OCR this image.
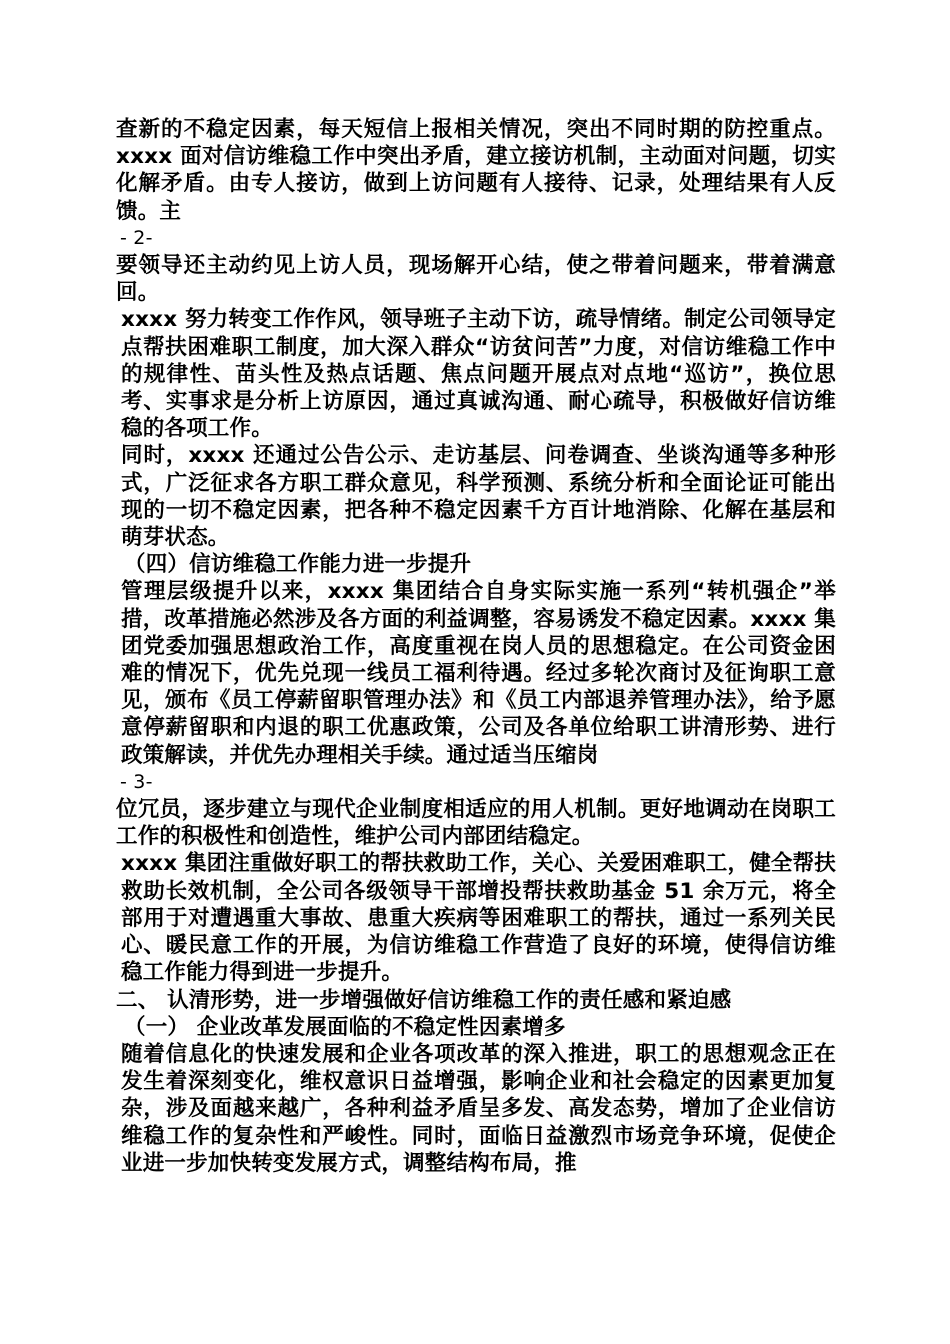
查新的不稳定因素，每天短信上报相关情况，突出不同时期的防控重点。xxxx 面对信访维稳工作中突出矛盾，建立接访机制，主动面对问题，切实化解矛盾。由专人接访，做到上访问题有人接待、记录，处理结果有人反馈。主

- 2-

要领导还主动约见上访人员，现场解开心结，使之带着问题来，带着满意回。

xxxx 努力转变工作作风，领导班子主动下访，疏导情绪。制定公司领导定点帮扶困难职工制度，加大深入群众“访贫问苦”力度，对信访维稳工作中的规律性、苗头性及热点话题、焦点问题开展点对点地“巡访”，换位思考、实事求是分析上访原因，通过真诚沟通、耐心疏导，积极做好信访维稳的各项工作。

同时，xxxx 还通过公告公示、走访基层、问卷调查、坐谈沟通等多种形式，广泛征求各方职工群众意见，科学预测、系统分析和全面论证可能出现的一切不稳定因素，把各种不稳定因素千方百计地消除、化解在基层和萌芽状态。

（四）信访维稳工作能力进一步提升

管理层级提升以来，xxxx 集团结合自身实际实施一系列“转机强企”举措，改革措施必然涉及各方面的利益调整，容易诱发不稳定因素。xxxx 集团党委加强思想政治工作，高度重视在岗人员的思想稳定。在公司资金困难的情况下，优先兑现一线员工福利待遇。经过多轮次商讨及征询职工意见，颁布《员工停薪留职管理办法》和《员工内部退养管理办法》，给予愿意停薪留职和内退的职工优惠政策，公司及各单位给职工讲清形势、进行政策解读，并优先办理相关手续。通过适当压缩岗

- 3-

位冗员，逐步建立与现代企业制度相适应的用人机制。更好地调动在岗职工工作的积极性和创造性，维护公司内部团结稳定。

xxxx 集团注重做好职工的帮扶救助工作，关心、关爱困难职工，健全帮扶救助长效机制，全公司各级领导干部增投帮扶救助基金 51 余万元，将全部用于对遭遇重大事故、患重大疾病等困难职工的帮扶，通过一系列关民心、暖民意工作的开展，为信访维稳工作营造了良好的环境，使得信访维稳工作能力得到进一步提升。

二、 认清形势，进一步增强做好信访维稳工作的责任感和紧迫感

（一） 企业改革发展面临的不稳定性因素增多

随着信息化的快速发展和企业各项改革的深入推进，职工的思想观念正在发生着深刻变化，维权意识日益增强，影响企业和社会稳定的因素更加复杂，涉及面越来越广，各种利益矛盾呈多发、高发态势，增加了企业信访维稳工作的复杂性和严峻性。同时，面临日益激烈市场竞争环境，促使企业进一步加快转变发展方式，调整结构布局，推
